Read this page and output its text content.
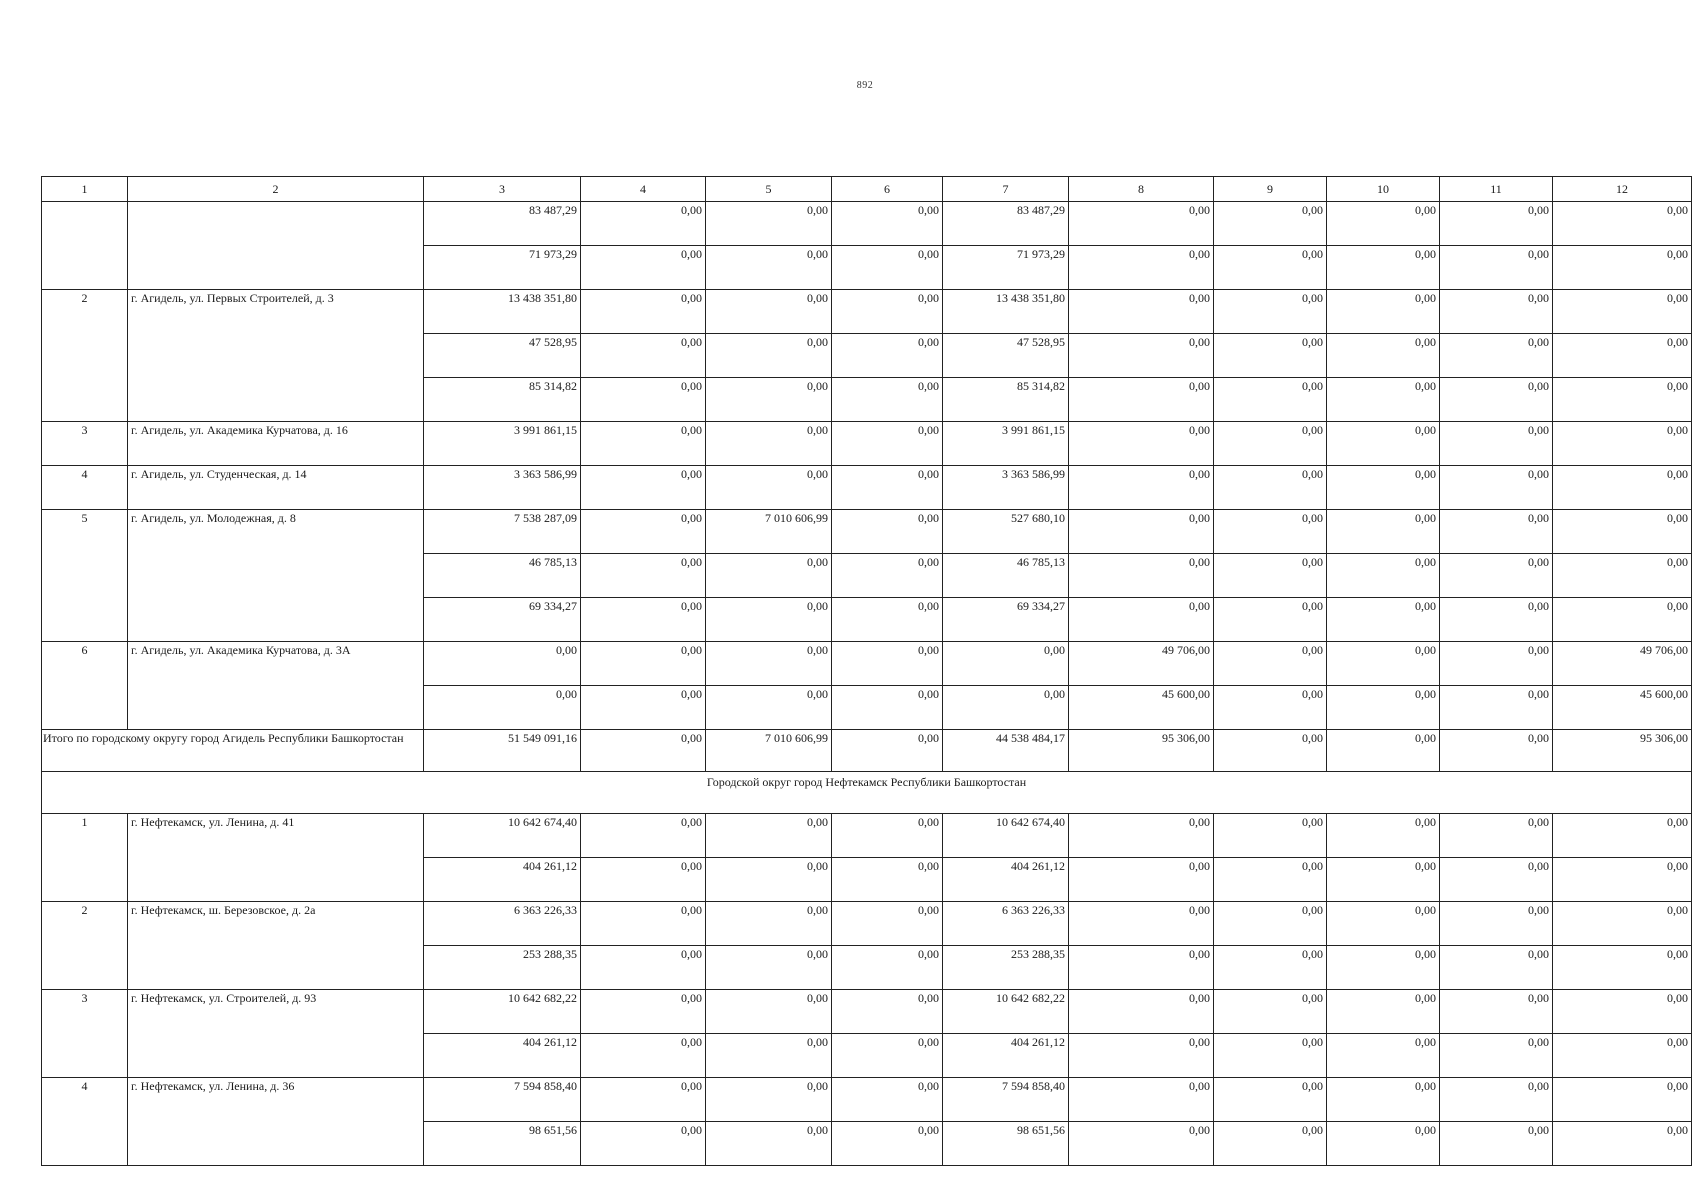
892
1	2	3	4	5	6	7	8	9	10	11	12
		83 487,29	0,00	0,00	0,00	83 487,29	0,00	0,00	0,00	0,00	0,00
		71 973,29	0,00	0,00	0,00	71 973,29	0,00	0,00	0,00	0,00	0,00
2	г. Агидель, ул. Первых Строителей, д. 3	13 438 351,80	0,00	0,00	0,00	13 438 351,80	0,00	0,00	0,00	0,00	0,00
		47 528,95	0,00	0,00	0,00	47 528,95	0,00	0,00	0,00	0,00	0,00
		85 314,82	0,00	0,00	0,00	85 314,82	0,00	0,00	0,00	0,00	0,00
3	г. Агидель, ул. Академика Курчатова, д. 16	3 991 861,15	0,00	0,00	0,00	3 991 861,15	0,00	0,00	0,00	0,00	0,00
4	г. Агидель, ул. Студенческая, д. 14	3 363 586,99	0,00	0,00	0,00	3 363 586,99	0,00	0,00	0,00	0,00	0,00
5	г. Агидель, ул. Молодежная, д. 8	7 538 287,09	0,00	7 010 606,99	0,00	527 680,10	0,00	0,00	0,00	0,00	0,00
		46 785,13	0,00	0,00	0,00	46 785,13	0,00	0,00	0,00	0,00	0,00
		69 334,27	0,00	0,00	0,00	69 334,27	0,00	0,00	0,00	0,00	0,00
6	г. Агидель, ул. Академика Курчатова, д. 3А	0,00	0,00	0,00	0,00	0,00	49 706,00	0,00	0,00	0,00	49 706,00
		0,00	0,00	0,00	0,00	0,00	45 600,00	0,00	0,00	0,00	45 600,00
Итого по городскому округу город Агидель Республики Башкортостан		51 549 091,16	0,00	7 010 606,99	0,00	44 538 484,17	95 306,00	0,00	0,00	0,00	95 306,00
Городской округ город Нефтекамск Республики Башкортостан											
1	г. Нефтекамск, ул. Ленина, д. 41	10 642 674,40	0,00	0,00	0,00	10 642 674,40	0,00	0,00	0,00	0,00	0,00
		404 261,12	0,00	0,00	0,00	404 261,12	0,00	0,00	0,00	0,00	0,00
2	г. Нефтекамск, ш. Березовское, д. 2а	6 363 226,33	0,00	0,00	0,00	6 363 226,33	0,00	0,00	0,00	0,00	0,00
		253 288,35	0,00	0,00	0,00	253 288,35	0,00	0,00	0,00	0,00	0,00
3	г. Нефтекамск, ул. Строителей, д. 93	10 642 682,22	0,00	0,00	0,00	10 642 682,22	0,00	0,00	0,00	0,00	0,00
		404 261,12	0,00	0,00	0,00	404 261,12	0,00	0,00	0,00	0,00	0,00
4	г. Нефтекамск, ул. Ленина, д. 36	7 594 858,40	0,00	0,00	0,00	7 594 858,40	0,00	0,00	0,00	0,00	0,00
		98 651,56	0,00	0,00	0,00	98 651,56	0,00	0,00	0,00	0,00	0,00
